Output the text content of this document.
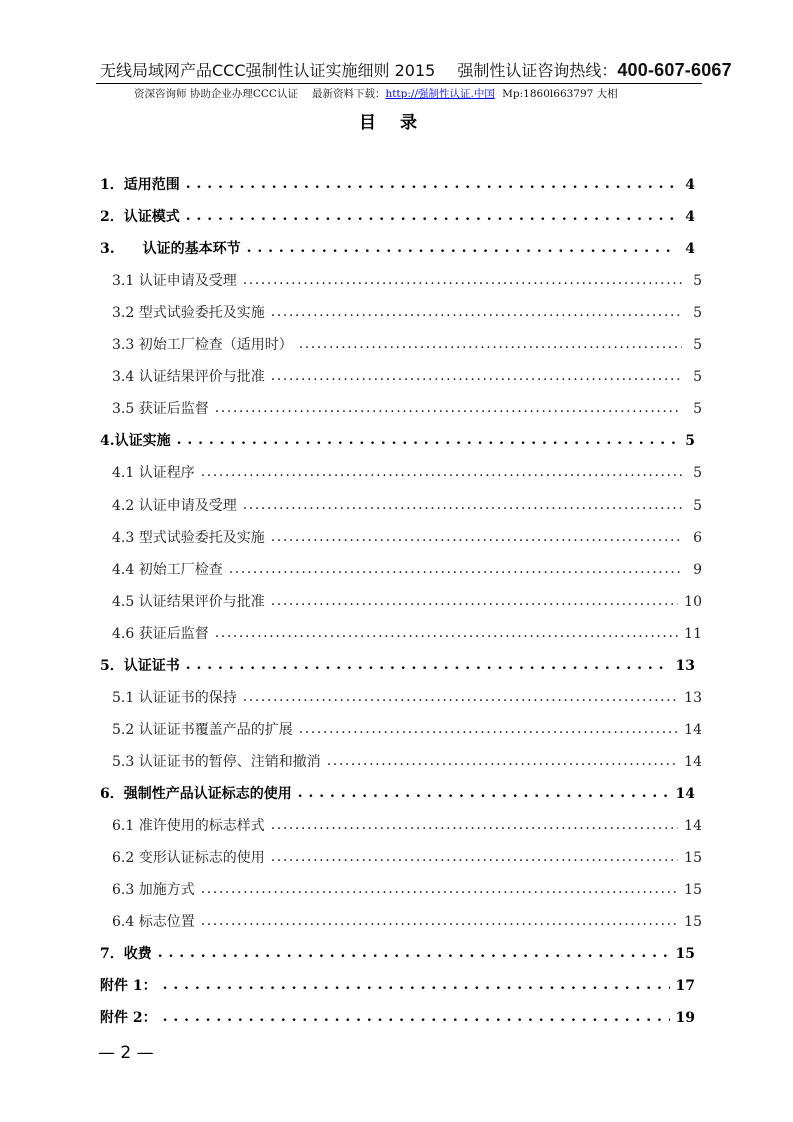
无线局域网产品CCC强制性认证实施细则 2015 强制性认证咨询热线：400-607-6067
资深咨询师 协助企业办理CCC认证 最新资料下载：http://强制性认证.中国 Mp:1860l663797 大相
目录
1．适用范围 . . .	4
2．认证模式 . . .	4
3.　　认证的基本环节 . . .	4
3.1 认证申请及受理 .....	5
3.2 型式试验委托及实施 .....	5
3.3 初始工厂检查（适用时） .....	5
3.4 认证结果评价与批准 .....	5
3.5 获证后监督 .....	5
4.认证实施 . . .	5
4.1 认证程序 .....	5
4.2 认证申请及受理 .....	5
4.3 型式试验委托及实施 .....	6
4.4 初始工厂检查 .....	9
4.5 认证结果评价与批准 .....	10
4.6 获证后监督 .....	11
5．认证证书 . . .	13
5.1 认证证书的保持 .....	13
5.2 认证证书覆盖产品的扩展 .....	14
5.3 认证证书的暂停、注销和撤消 .....	14
6．强制性产品认证标志的使用 . . .	14
6.1 准许使用的标志样式 .....	14
6.2 变形认证标志的使用 .....	15
6.3 加施方式 .....	15
6.4 标志位置 .....	15
7．收费 . . .	15
附件 1： . . .	17
附件 2： . . .	19
— 2 —
